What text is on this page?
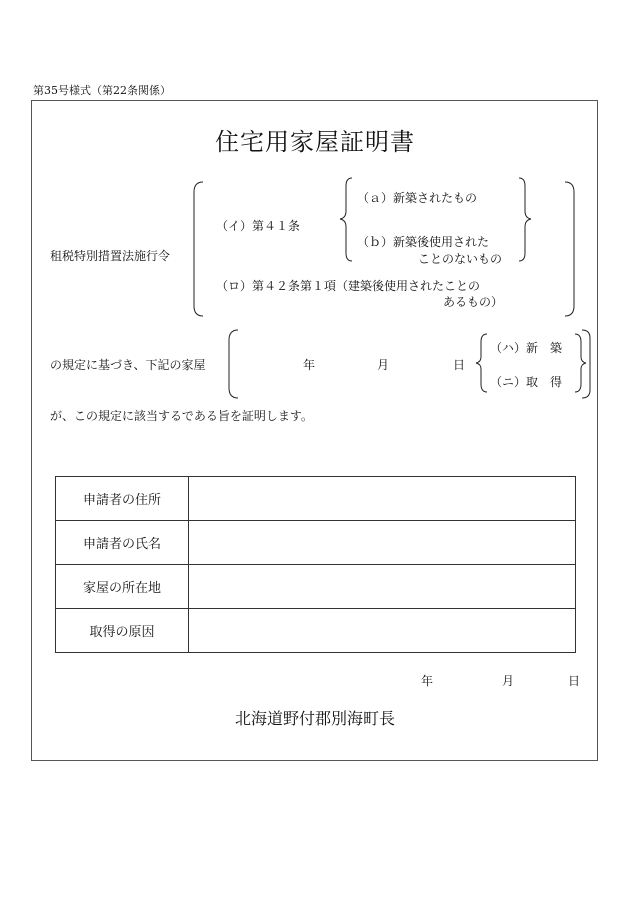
第35号様式（第22条関係）
住宅用家屋証明書
租税特別措置法施行令
（イ）第４１条
（ａ）新築されたもの
（ｂ）新築後使用された
ことのないもの
（ロ）第４２条第１項（建築後使用されたことの
あるもの）
の規定に基づき、下記の家屋	年	月	日
（ハ）新　築
（ニ）取　得
が、この規定に該当するである旨を証明します。
申請者の住所	
申請者の氏名	
家屋の所在地	
取得の原因	
年	月	日
北海道野付郡別海町長
